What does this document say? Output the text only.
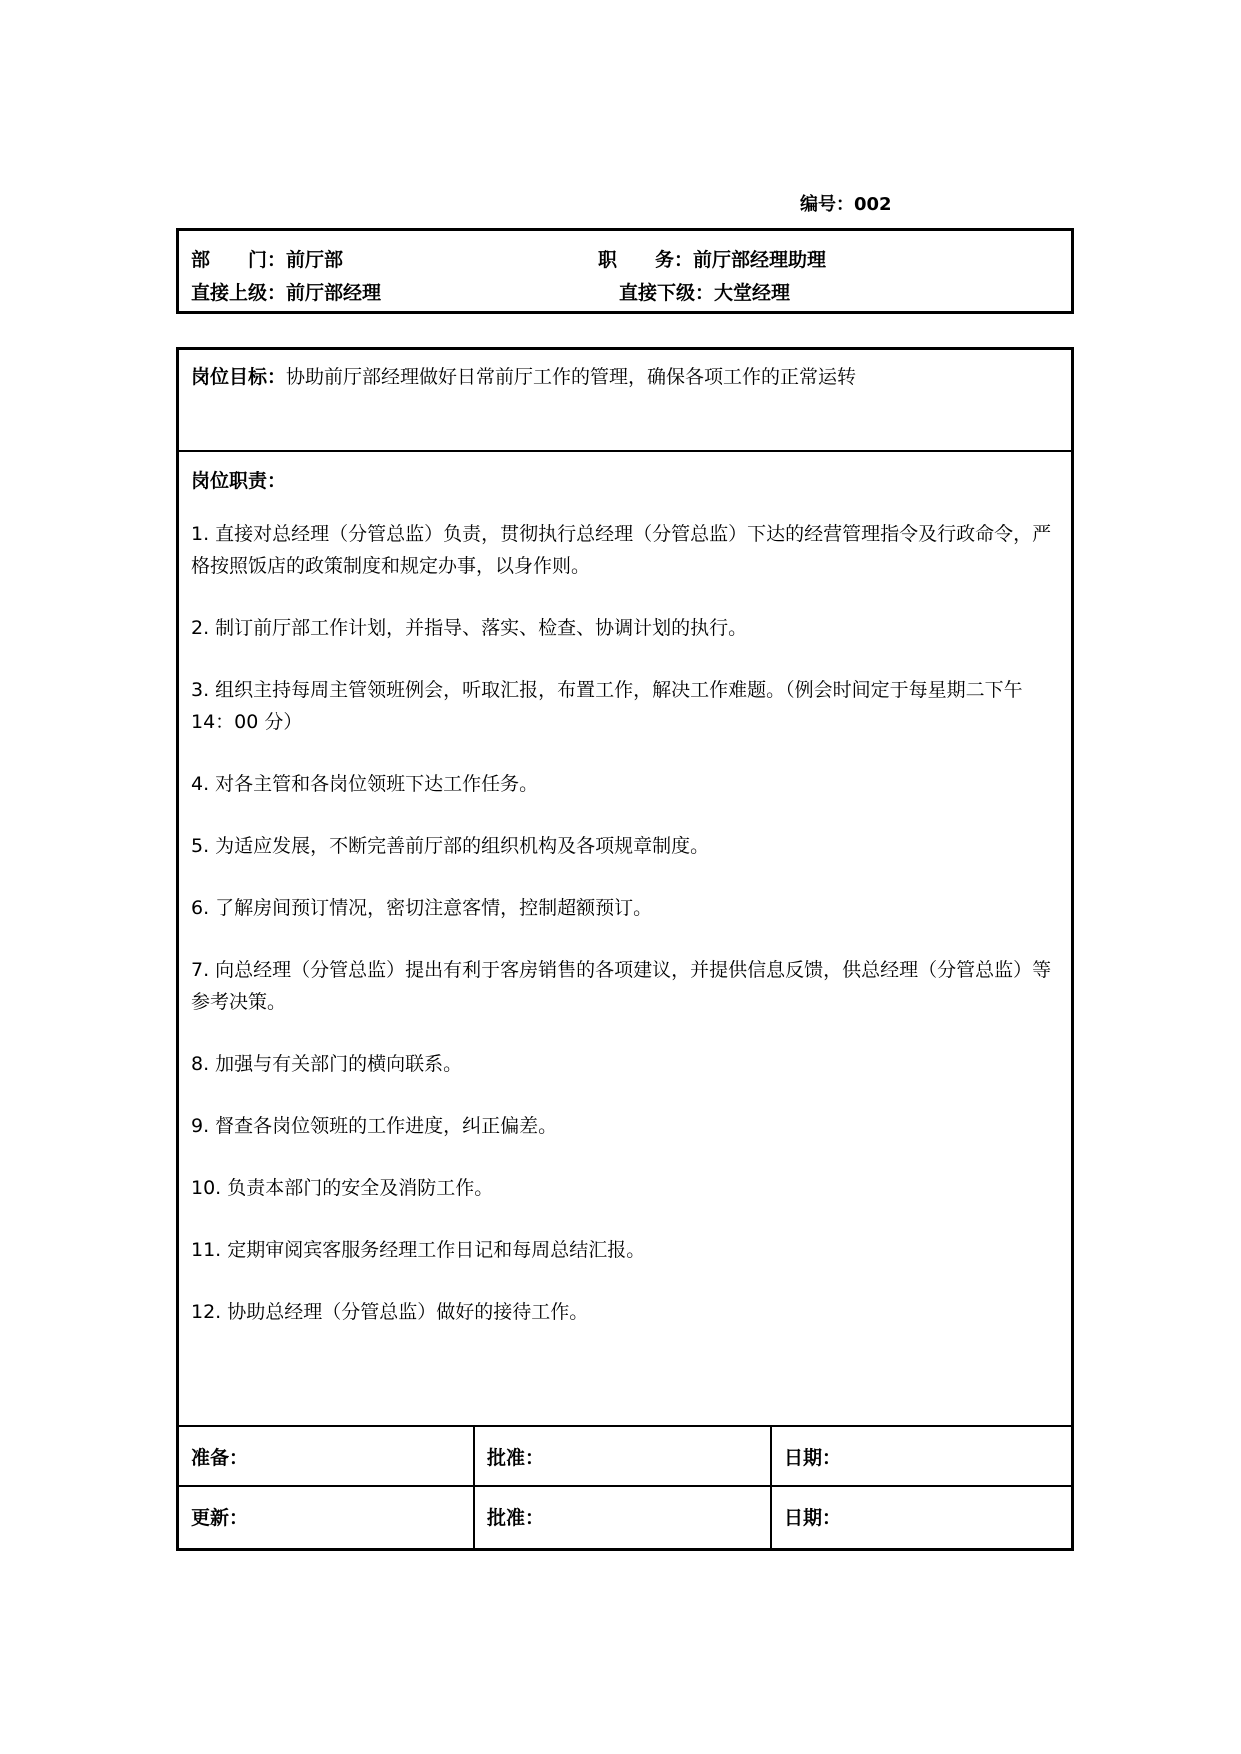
编号：002
部　　门：前厅部	职　　务：前厅部经理助理
直接上级：前厅部经理	直接下级：大堂经理
岗位目标：协助前厅部经理做好日常前厅工作的管理，确保各项工作的正常运转
岗位职责：
1. 直接对总经理（分管总监）负责，贯彻执行总经理（分管总监）下达的经营管理指令及行政命令，严格按照饭店的政策制度和规定办事，以身作则。
2. 制订前厅部工作计划，并指导、落实、检查、协调计划的执行。
3. 组织主持每周主管领班例会，听取汇报，布置工作，解决工作难题。（例会时间定于每星期二下午 14：00 分）
4. 对各主管和各岗位领班下达工作任务。
5. 为适应发展，不断完善前厅部的组织机构及各项规章制度。
6. 了解房间预订情况，密切注意客情，控制超额预订。
7. 向总经理（分管总监）提出有利于客房销售的各项建议，并提供信息反馈，供总经理（分管总监）等参考决策。
8. 加强与有关部门的横向联系。
9. 督查各岗位领班的工作进度，纠正偏差。
10. 负责本部门的安全及消防工作。
11. 定期审阅宾客服务经理工作日记和每周总结汇报。
12. 协助总经理（分管总监）做好的接待工作。
准备：	批准：	日期：
更新：	批准：	日期：
